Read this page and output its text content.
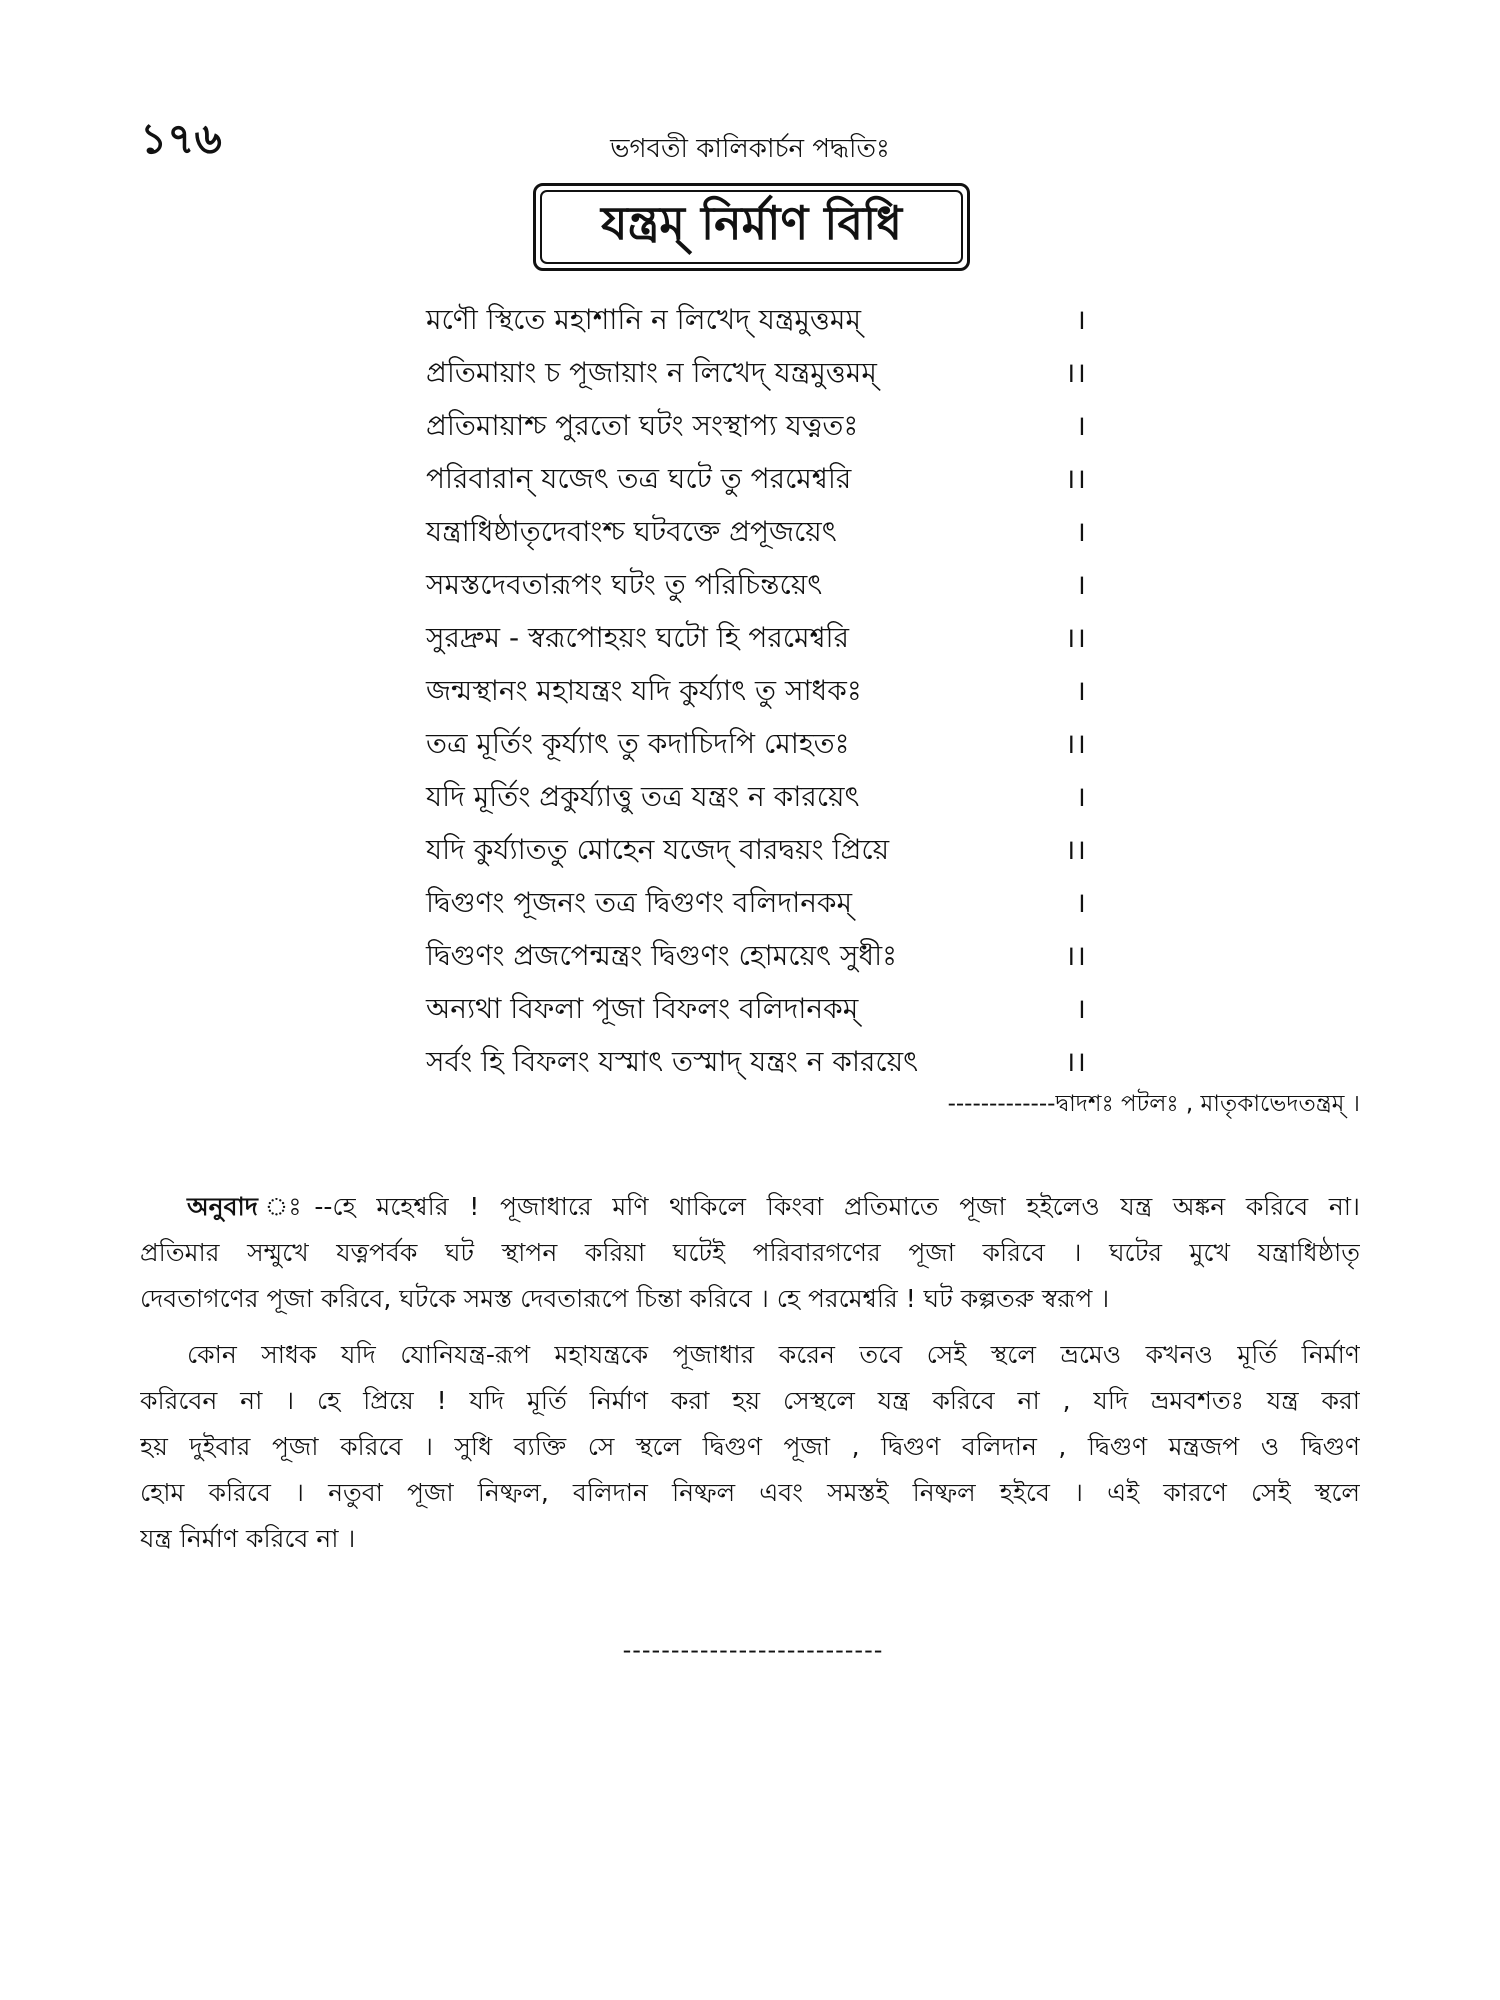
১৭৬	ভগবতী কালিকার্চন পদ্ধতিঃ
যন্ত্রম্ নির্মাণ বিধি
মণৌ স্থিতে মহাশানি ন লিখেদ্ যন্ত্রমুত্তমম্	।
প্রতিমায়াং চ পূজায়াং ন লিখেদ্ যন্ত্রমুত্তমম্	।।
প্রতিমায়াশ্চ পুরতো ঘটং সংস্থাপ্য যত্নতঃ	।
পরিবারান্ যজেৎ তত্র ঘটে তু পরমেশ্বরি	।।
যন্ত্রাধিষ্ঠাতৃদেবাংশ্চ ঘটবক্তে প্রপূজয়েৎ	।
সমস্তদেবতারূপং ঘটং তু পরিচিন্তয়েৎ	।
সুরদ্রুম - স্বরূপোহয়ং ঘটো হি পরমেশ্বরি	।।
জন্মস্থানং মহাযন্ত্রং যদি কুর্য্যাৎ তু সাধকঃ	।
তত্র মূর্তিং কূর্য্যাৎ তু কদাচিদপি মোহতঃ	।।
যদি মূর্তিং প্রকুর্য্যাত্তু তত্র যন্ত্রং ন কারয়েৎ	।
যদি কুর্য্যাততু মোহেন যজেদ্ বারদ্বয়ং প্রিয়ে	।।
দ্বিগুণং পূজনং তত্র দ্বিগুণং বলিদানকম্	।
দ্বিগুণং প্রজপেন্মন্ত্রং দ্বিগুণং হোময়েৎ সুধীঃ	।।
অন্যথা বিফলা পূজা বিফলং বলিদানকম্	।
সর্বং হি বিফলং যস্মাৎ তস্মাদ্ যন্ত্রং ন কারয়েৎ	।।
-------------দ্বাদশঃ পটলঃ , মাতৃকাভেদতন্ত্রম্ ।
অনুবাদ ঃ--হে মহেশ্বরি ! পূজাধারে মণি থাকিলে কিংবা প্রতিমাতে পূজা হইলেও যন্ত্র অঙ্কন করিবে না।
প্রতিমার সম্মুখে যত্নপর্বক ঘট স্থাপন করিয়া ঘটেই পরিবারগণের পূজা করিবে । ঘটের মুখে যন্ত্রাধিষ্ঠাতৃ
দেবতাগণের পূজা করিবে, ঘটকে সমস্ত দেবতারূপে চিন্তা করিবে । হে পরমেশ্বরি ! ঘট কল্পতরু স্বরূপ ।
কোন সাধক যদি যোনিযন্ত্র-রূপ মহাযন্ত্রকে পূজাধার করেন তবে সেই স্থলে ভ্রমেও কখনও মূর্তি নির্মাণ
করিবেন না । হে প্রিয়ে ! যদি মূর্তি নির্মাণ করা হয় সেস্থলে যন্ত্র করিবে না , যদি ভ্রমবশতঃ যন্ত্র করা
হয় দুইবার পূজা করিবে । সুধি ব্যক্তি সে স্থলে দ্বিগুণ পূজা , দ্বিগুণ বলিদান , দ্বিগুণ মন্ত্রজপ ও দ্বিগুণ
হোম করিবে । নতুবা পূজা নিষ্ফল, বলিদান নিষ্ফল এবং সমস্তই নিষ্ফল হইবে । এই কারণে সেই স্থলে
যন্ত্র নির্মাণ করিবে না ।
---------------------------
